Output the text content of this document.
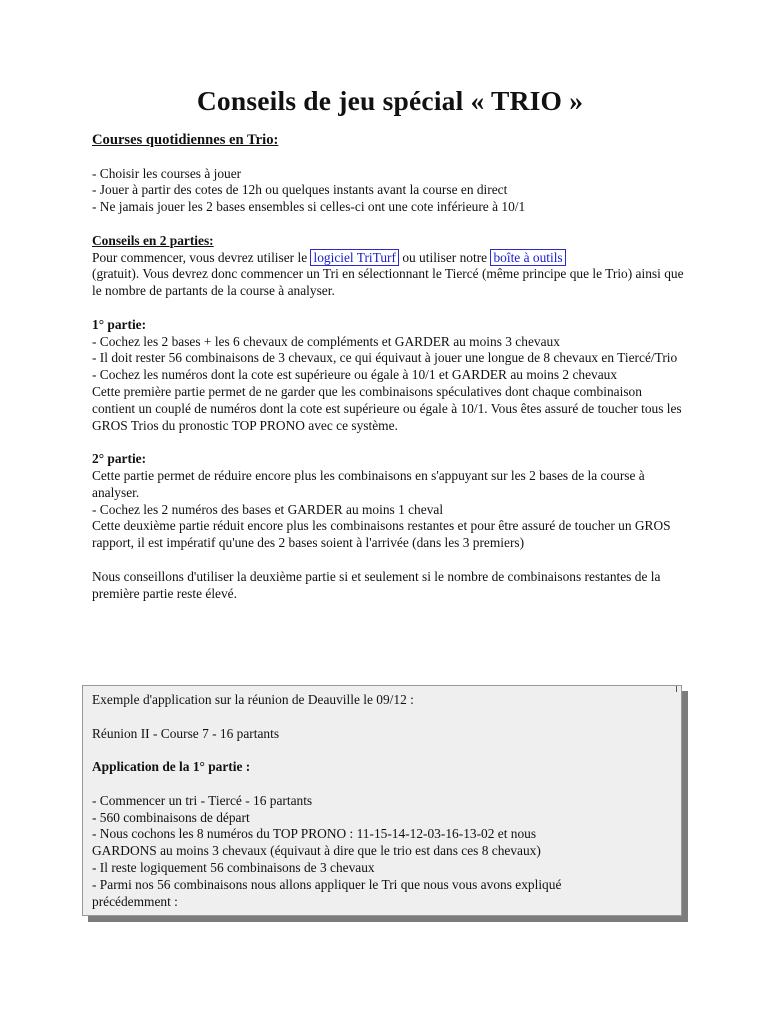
Conseils de jeu spécial « TRIO »

Courses quotidiennes en Trio:

- Choisir les courses à jouer

- Jouer à partir des cotes de 12h ou quelques instants avant la course en direct

- Ne jamais jouer les 2 bases ensembles si celles-ci ont une cote inférieure à 10/1

Conseils en 2 parties:

Pour commencer, vous devrez utiliser le logiciel TriTurf ou utiliser notre boîte à outils
(gratuit). Vous devrez donc commencer un Tri en sélectionnant le Tiercé (même principe que le Trio) ainsi que le nombre de partants de la course à analyser.

1° partie:

- Cochez les 2 bases + les 6 chevaux de compléments et GARDER au moins 3 chevaux

- Il doit rester 56 combinaisons de 3 chevaux, ce qui équivaut à jouer une longue de 8 chevaux en Tiercé/Trio

- Cochez les numéros dont la cote est supérieure ou égale à 10/1 et GARDER au moins 2 chevaux

Cette première partie permet de ne garder que les combinaisons spéculatives dont chaque combinaison contient un couplé de numéros dont la cote est supérieure ou égale à 10/1. Vous êtes assuré de toucher tous les GROS Trios du pronostic TOP PRONO avec ce système.

2° partie:

Cette partie permet de réduire encore plus les combinaisons en s'appuyant sur les 2 bases de la course à analyser.

- Cochez les 2 numéros des bases et GARDER au moins 1 cheval

Cette deuxième partie réduit encore plus les combinaisons restantes et pour être assuré de toucher un GROS rapport, il est impératif qu'une des 2 bases soient à l'arrivée (dans les 3 premiers)

Nous conseillons d'utiliser la deuxième partie si et seulement si le nombre de combinaisons restantes de la première partie reste élevé.

Exemple d'application sur la réunion de Deauville le 09/12 :

Réunion II - Course 7 - 16 partants

Application de la 1° partie :

- Commencer un tri - Tiercé - 16 partants

- 560 combinaisons de départ

- Nous cochons les 8 numéros du TOP PRONO : 11-15-14-12-03-16-13-02 et nous

GARDONS au moins 3 chevaux (équivaut à dire que le trio est dans ces 8 chevaux)

- Il reste logiquement 56 combinaisons de 3 chevaux

- Parmi nos 56 combinaisons nous allons appliquer le Tri que nous vous avons expliqué

précédemment :
